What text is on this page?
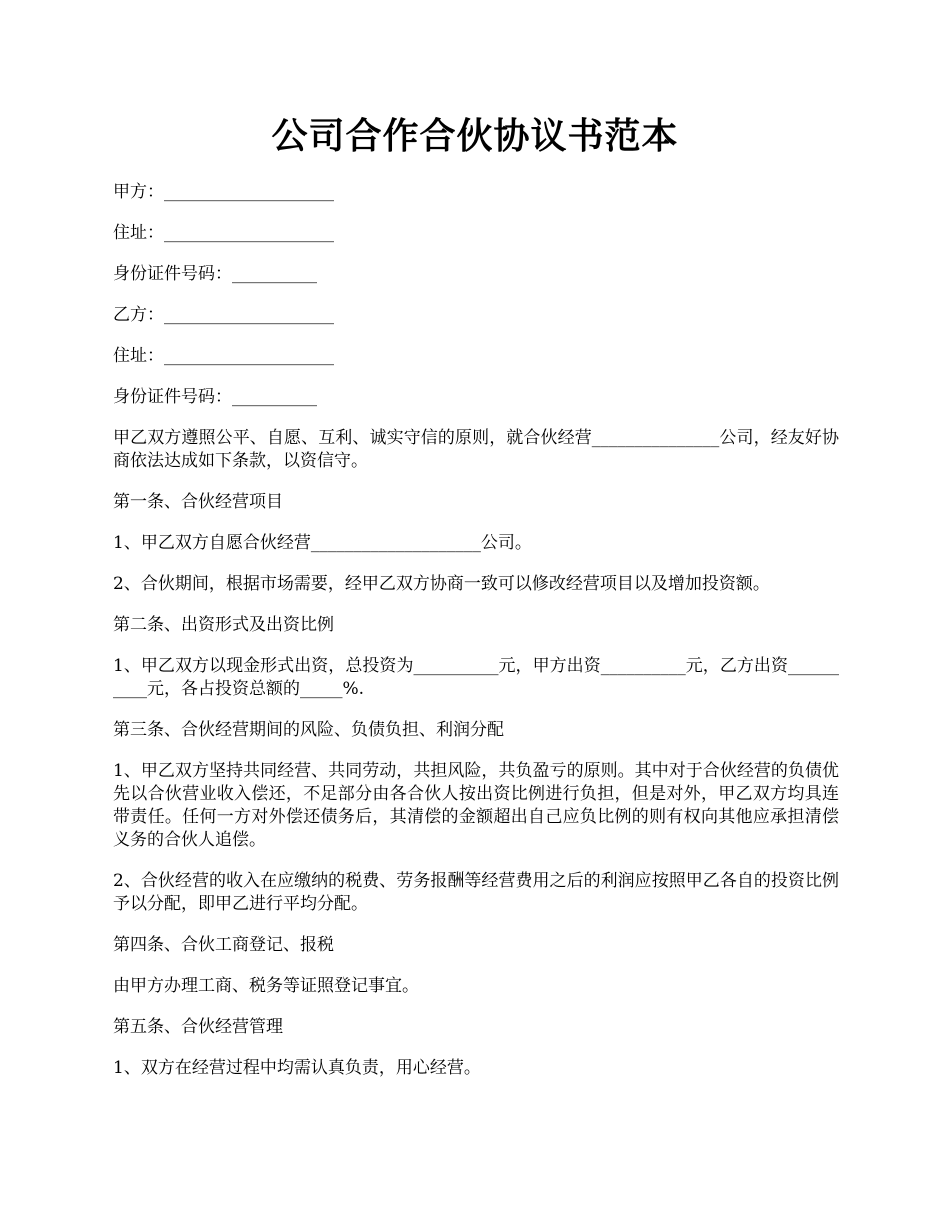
公司合作合伙协议书范本

甲方：____________________

住址：____________________

身份证件号码：__________

乙方：____________________

住址：____________________

身份证件号码：__________

甲乙双方遵照公平、自愿、互利、诚实守信的原则，就合伙经营_______________公司，经友好协商依法达成如下条款，以资信守。

第一条、合伙经营项目

1、甲乙双方自愿合伙经营____________________公司。

2、合伙期间，根据市场需要，经甲乙双方协商一致可以修改经营项目以及增加投资额。

第二条、出资形式及出资比例

1、甲乙双方以现金形式出资，总投资为__________元，甲方出资__________元，乙方出资__________元，各占投资总额的_____%.

第三条、合伙经营期间的风险、负债负担、利润分配

1、甲乙双方坚持共同经营、共同劳动，共担风险，共负盈亏的原则。其中对于合伙经营的负债优先以合伙营业收入偿还，不足部分由各合伙人按出资比例进行负担，但是对外，甲乙双方均具连带责任。任何一方对外偿还债务后，其清偿的金额超出自己应负比例的则有权向其他应承担清偿义务的合伙人追偿。

2、合伙经营的收入在应缴纳的税费、劳务报酬等经营费用之后的利润应按照甲乙各自的投资比例予以分配，即甲乙进行平均分配。

第四条、合伙工商登记、报税

由甲方办理工商、税务等证照登记事宜。

第五条、合伙经营管理

1、双方在经营过程中均需认真负责，用心经营。
